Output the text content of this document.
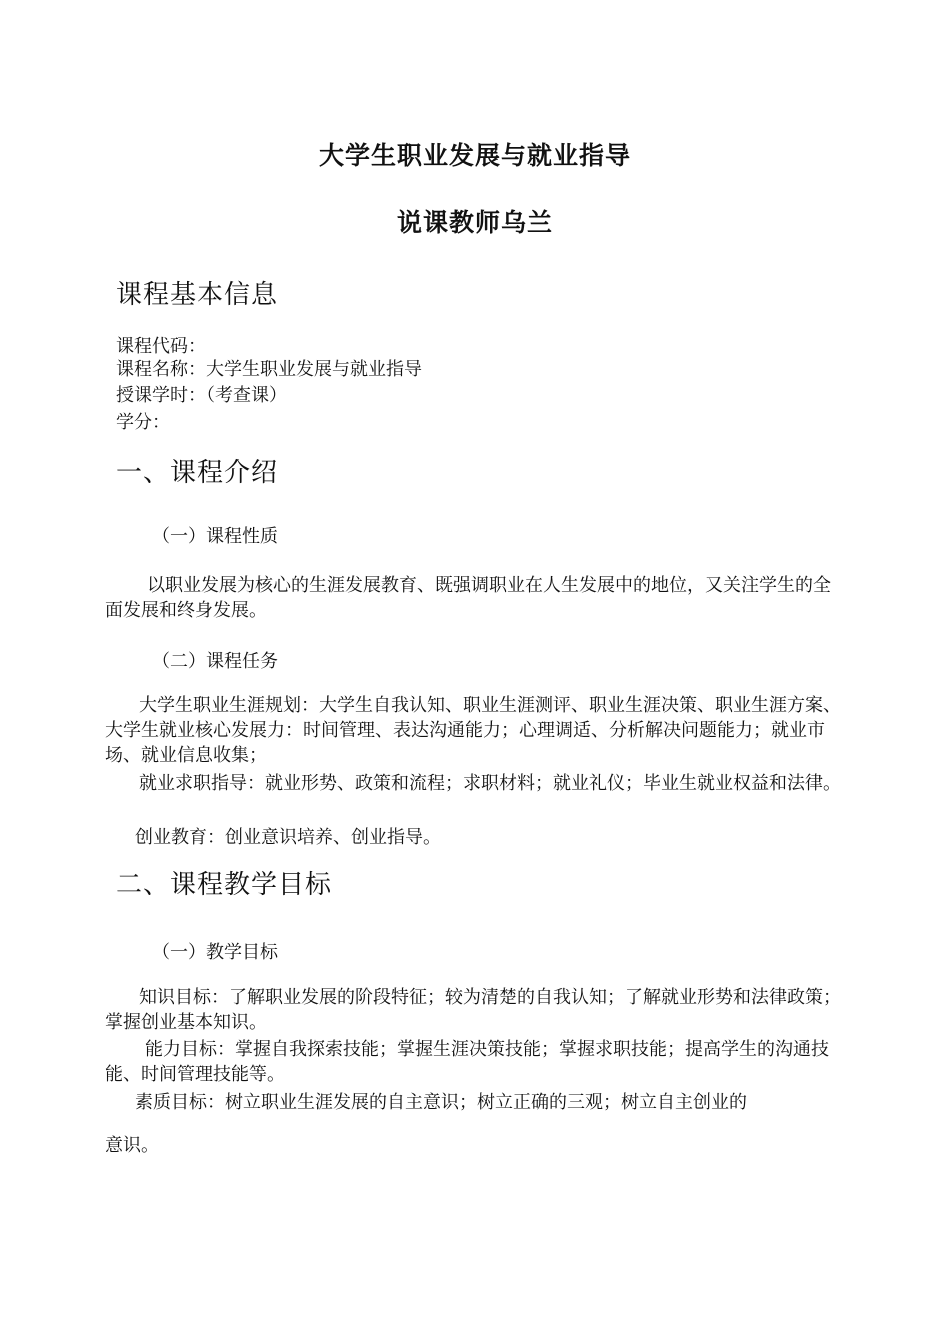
大学生职业发展与就业指导
说课教师乌兰
课程基本信息
课程代码：
课程名称：大学生职业发展与就业指导
授课学时：（考查课）
学分：
一、课程介绍
（一）课程性质
以职业发展为核心的生涯发展教育、既强调职业在人生发展中的地位，又关注学生的全面发展和终身发展。
（二）课程任务
大学生职业生涯规划：大学生自我认知、职业生涯测评、职业生涯决策、职业生涯方案、大学生就业核心发展力：时间管理、表达沟通能力；心理调适、分析解决问题能力；就业市场、就业信息收集；
就业求职指导：就业形势、政策和流程；求职材料；就业礼仪；毕业生就业权益和法律。
创业教育：创业意识培养、创业指导。
二、课程教学目标
（一）教学目标
知识目标：了解职业发展的阶段特征；较为清楚的自我认知；了解就业形势和法律政策；掌握创业基本知识。
能力目标：掌握自我探索技能；掌握生涯决策技能；掌握求职技能；提高学生的沟通技能、时间管理技能等。
素质目标：树立职业生涯发展的自主意识；树立正确的三观；树立自主创业的
意识。
